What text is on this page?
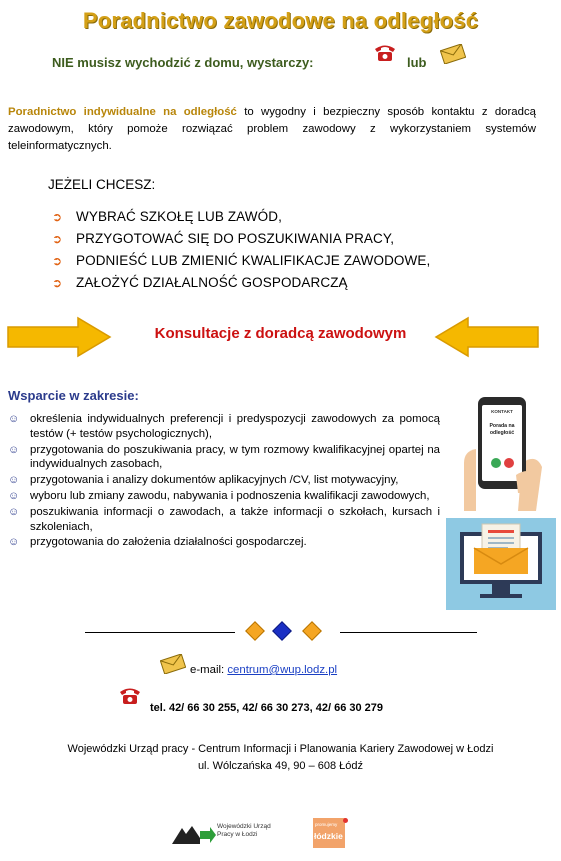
Poradnictwo zawodowe na odległość
NIE musisz wychodzić z domu, wystarczy:	lub
Poradnictwo indywidualne na odległość to wygodny i bezpieczny sposób kontaktu z doradcą zawodowym, który pomoże rozwiązać problem zawodowy z wykorzystaniem systemów teleinformatycznych.
JEŻELI CHCESZ:
➲ WYBRAĆ SZKOŁĘ LUB ZAWÓD,
➲ PRZYGOTOWAĆ SIĘ DO POSZUKIWANIA PRACY,
➲ PODNIEŚĆ LUB ZMIENIĆ KWALIFIKACJE ZAWODOWE,
➲ ZAŁOŻYĆ DZIAŁALNOŚĆ GOSPODARCZĄ
Konsultacje z doradcą zawodowym
Wsparcie w zakresie:
☺ określenia indywidualnych preferencji i predyspozycji zawodowych za pomocą testów (+ testów psychologicznych),
☺ przygotowania do poszukiwania pracy, w tym rozmowy kwalifikacyjnej opartej na indywidualnych zasobach,
☺ przygotowania i analizy dokumentów aplikacyjnych /CV, list motywacyjny,
☺ wyboru lub zmiany zawodu, nabywania i podnoszenia kwalifikacji zawodowych,
☺ poszukiwania informacji o zawodach, a także informacji o szkołach, kursach i szkoleniach,
☺ przygotowania do założenia działalności gospodarczej.
KONTAKT
Porada na odległość
e-mail: centrum@wup.lodz.pl
tel. 42/ 66 30 255, 42/ 66 30 273, 42/ 66 30 279
Wojewódzki Urząd pracy - Centrum Informacji i Planowania Kariery Zawodowej w Łodzi
ul. Wólczańska 49, 90 – 608 Łódź
Wojewódzki Urząd Pracy w Łodzi
promujemy
łódzkie
